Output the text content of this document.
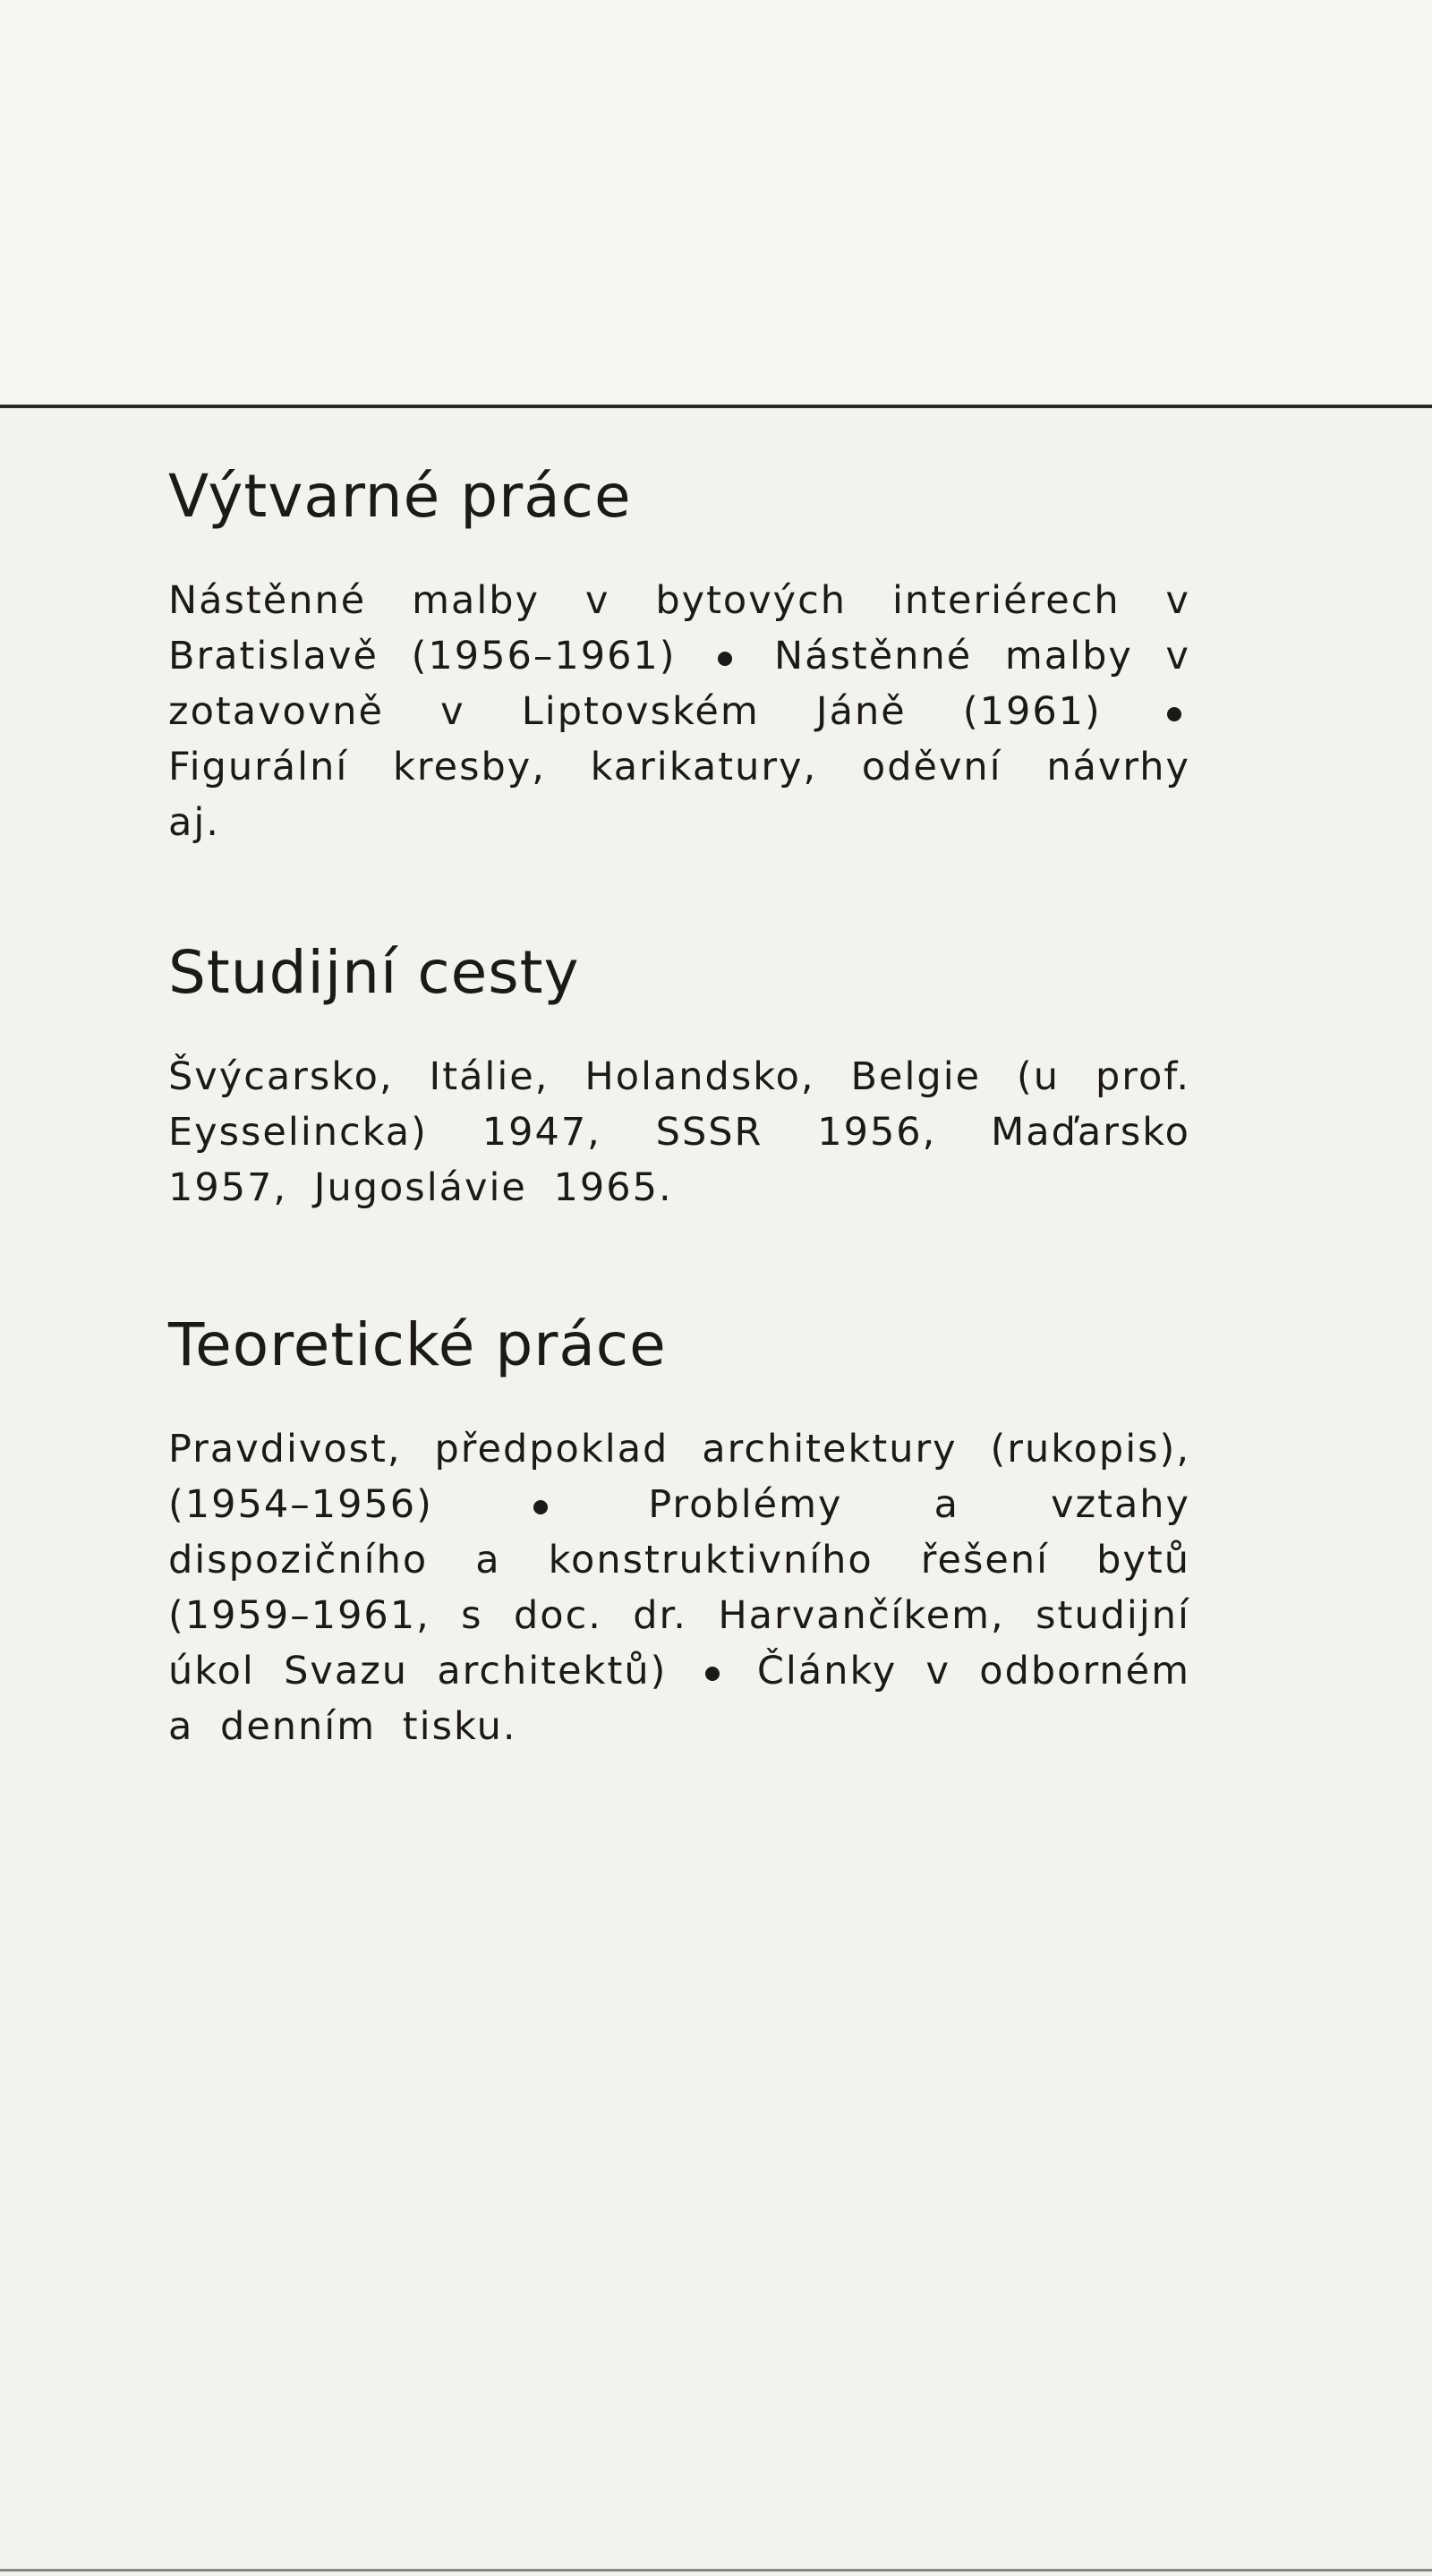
Výtvarné práce

Nástěnné malby v bytových interiérech v Bratislavě (1956–1961)	Nástěnné malby v zotavovně v Liptovském Jáně (1961)  Figurální kresby, karikatury, oděvní návrhy aj.

Studijní cesty

Švýcarsko, Itálie, Holandsko, Belgie (u prof. Eysselincka) 1947, SSSR 1956, Maďarsko 1957, Jugoslávie 1965.

Teoretické práce

Pravdivost, předpoklad architektury (rukopis), (1954–1956)	Problémy a vztahy dispozičního a konstruktivního řešení bytů (1959–1961, s doc. dr. Harvančíkem, studijní úkol Svazu architektů) Články v odborném a denním tisku.
